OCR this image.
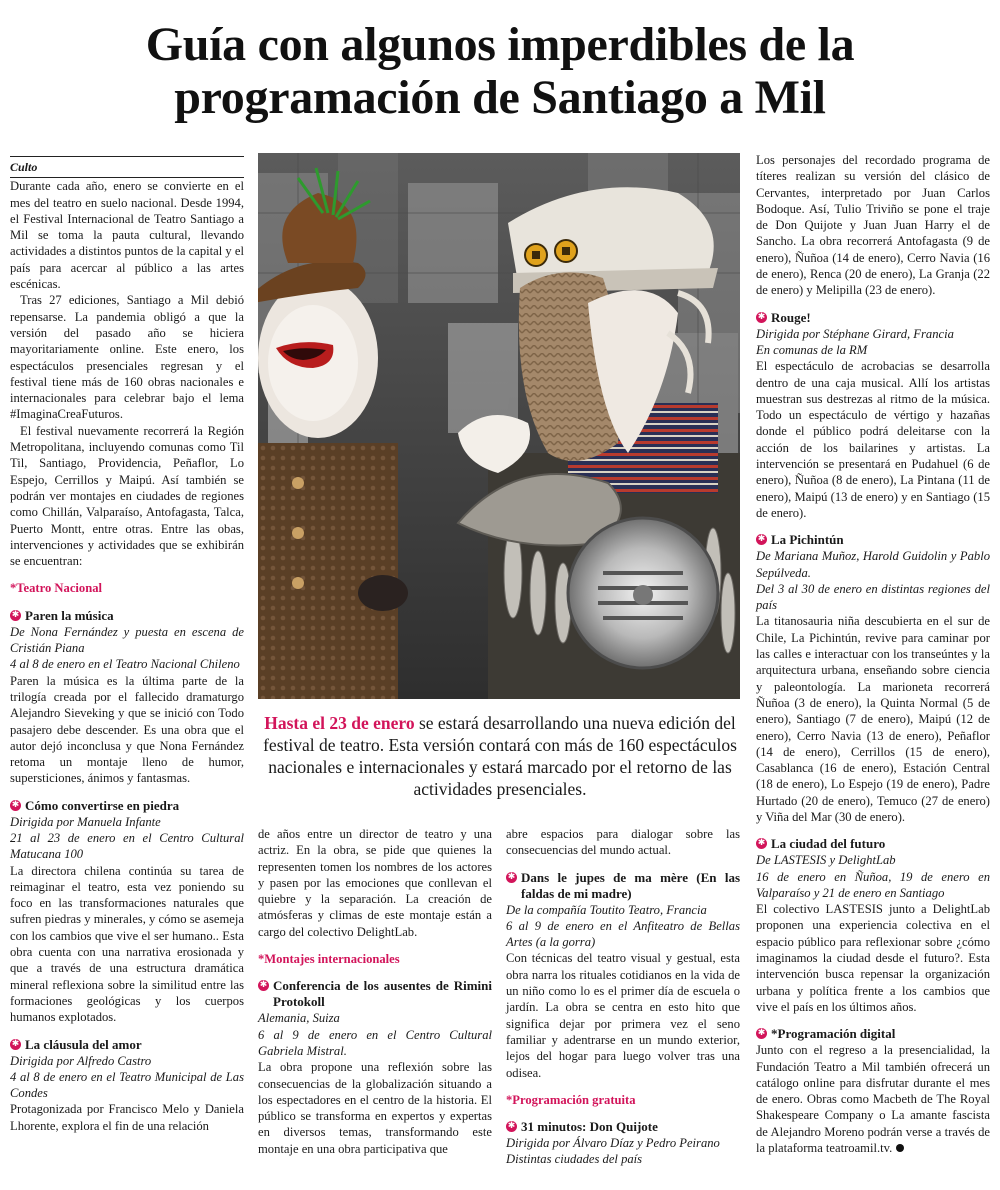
Guía con algunos imperdibles de la
programación de Santiago a Mil

Culto

Durante cada año, enero se convierte en el mes del teatro en suelo nacional. Desde 1994, el Festival Internacional de Teatro Santiago a Mil se toma la pauta cultural, llevando actividades a distintos puntos de la capital y el país para acercar al público a las artes escénicas.

Tras 27 ediciones, Santiago a Mil debió repensarse. La pandemia obligó a que la versión del pasado año se hiciera mayoritariamente online. Este enero, los espectáculos presenciales regresan y el festival tiene más de 160 obras nacionales e internacionales para celebrar bajo el lema #ImaginaCreaFuturos.

El festival nuevamente recorrerá la Región Metropolitana, incluyendo comunas como Til Til, Santiago, Providencia, Peñaflor, Lo Espejo, Cerrillos y Maipú. Así también se podrán ver montajes en ciudades de regiones como Chillán, Valparaíso, Antofagasta, Talca, Puerto Montt, entre otras. Entre las obas, intervenciones y actividades que se exhibirán se encuentran:

*Teatro Nacional

✱ Paren la música

De Nona Fernández y puesta en escena de Cristián Piana

4 al 8 de enero en el Teatro Nacional Chileno

Paren la música es la última parte de la trilogía creada por el fallecido dramaturgo Alejandro Sieveking y que se inició con Todo pasajero debe descender. Es una obra que el autor dejó inconclusa y que Nona Fernández retoma un montaje lleno de humor, supersticiones, ánimos y fantasmas.

✱ Cómo convertirse en piedra

Dirigida por Manuela Infante

21 al 23 de enero en el Centro Cultural Matucana 100

La directora chilena continúa su tarea de reimaginar el teatro, esta vez poniendo su foco en las transformaciones naturales que sufren piedras y minerales, y cómo se asemeja con los cambios que vive el ser humano.. Esta obra cuenta con una narrativa erosionada y que a través de una estructura dramática mineral reflexiona sobre la similitud entre las formaciones geológicas y los cuerpos humanos explotados.

✱ La cláusula del amor

Dirigida por Alfredo Castro

4 al 8 de enero en el Teatro Municipal de Las Condes

Protagonizada por Francisco Melo y Daniela Lhorente, explora el fin de una relación

Hasta el 23 de enero se estará desarrollando una nueva edición del festival de teatro. Esta versión contará con más de 160 espectáculos nacionales e internacionales y estará marcado por el retorno de las actividades presenciales.

de años entre un director de teatro y una actriz. En la obra, se pide que quienes la representen tomen los nombres de los actores y pasen por las emociones que conllevan el quiebre y la separación. La creación de atmósferas y climas de este montaje están a cargo del colectivo DelightLab.

*Montajes internacionales

✱ Conferencia de los ausentes de Rimini Protokoll

Alemania, Suiza

6 al 9 de enero en el Centro Cultural Gabriela Mistral.

La obra propone una reflexión sobre las consecuencias de la globalización situando a los espectadores en el centro de la historia. El público se transforma en expertos y expertas en diversos temas, transformando este montaje en una obra participativa que

abre espacios para dialogar sobre las consecuencias del mundo actual.

✱ Dans le jupes de ma mère (En las faldas de mi madre)

De la compañía Toutito Teatro, Francia

6 al 9 de enero en el Anfiteatro de Bellas Artes (a la gorra)

Con técnicas del teatro visual y gestual, esta obra narra los rituales cotidianos en la vida de un niño como lo es el primer día de escuela o jardín. La obra se centra en esto hito que significa dejar por primera vez el seno familiar y adentrarse en un mundo exterior, lejos del hogar para luego volver tras una odisea.

*Programación gratuita

✱ 31 minutos: Don Quijote

Dirigida por Álvaro Díaz y Pedro Peirano

Distintas ciudades del país

Los personajes del recordado programa de títeres realizan su versión del clásico de Cervantes, interpretado por Juan Carlos Bodoque. Así, Tulio Triviño se pone el traje de Don Quijote y Juan Juan Harry el de Sancho. La obra recorrerá Antofagasta (9 de enero), Ñuñoa (14 de enero), Cerro Navia (16 de enero), Renca (20 de enero), La Granja (22 de enero) y Melipilla (23 de enero).

✱ Rouge!

Dirigida por Stéphane Girard, Francia

En comunas de la RM

El espectáculo de acrobacias se desarrolla dentro de una caja musical. Allí los artistas muestran sus destrezas al ritmo de la música. Todo un espectáculo de vértigo y hazañas donde el público podrá deleitarse con la acción de los bailarines y artistas. La intervención se presentará en Pudahuel (6 de enero), Ñuñoa (8 de enero), La Pintana (11 de enero), Maipú (13 de enero) y en Santiago (15 de enero).

✱ La Pichintún

De Mariana Muñoz, Harold Guidolin y Pablo Sepúlveda.

Del 3 al 30 de enero en distintas regiones del país

La titanosauria niña descubierta en el sur de Chile, La Pichintún, revive para caminar por las calles e interactuar con los transeúntes y la arquitectura urbana, enseñando sobre ciencia y paleontología. La marioneta recorrerá Ñuñoa (3 de enero), la Quinta Normal (5 de enero), Santiago (7 de enero), Maipú (12 de enero), Cerro Navia (13 de enero), Peñaflor (14 de enero), Cerrillos (15 de enero), Casablanca (16 de enero), Estación Central (18 de enero), Lo Espejo (19 de enero), Padre Hurtado (20 de enero), Temuco (27 de enero) y Viña del Mar (30 de enero).

✱ La ciudad del futuro

De LASTESIS y DelightLab

16 de enero en Ñuñoa, 19 de enero en Valparaíso y 21 de enero en Santiago

El colectivo LASTESIS junto a DelightLab proponen una experiencia colectiva en el espacio público para reflexionar sobre ¿cómo imaginamos la ciudad desde el futuro?. Esta intervención busca repensar la organización urbana y política frente a los cambios que vive el país en los últimos años.

✱ *Programación digital

Junto con el regreso a la presencialidad, la Fundación Teatro a Mil también ofrecerá un catálogo online para disfrutar durante el mes de enero. Obras como Macbeth de The Royal Shakespeare Company o La amante fascista de Alejandro Moreno podrán verse a través de la plataforma teatroamil.tv.
